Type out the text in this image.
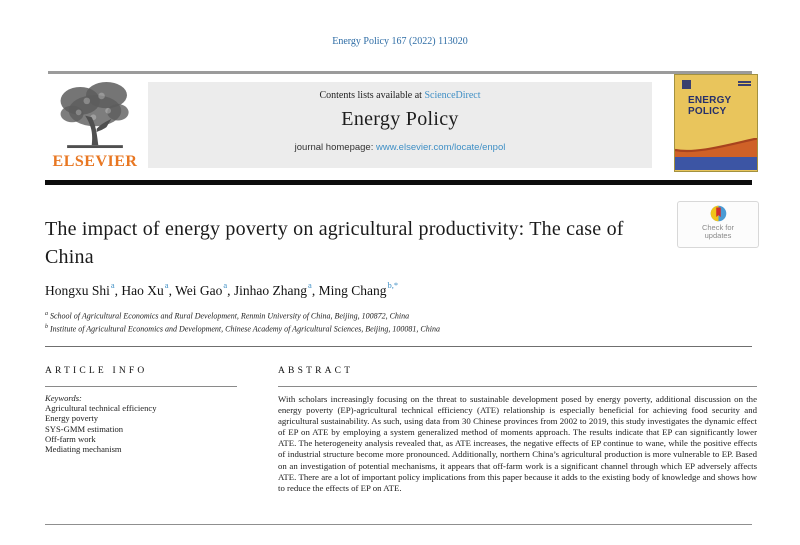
Energy Policy 167 (2022) 113020
ELSEVIER
Contents lists available at ScienceDirect
Energy Policy
journal homepage: www.elsevier.com/locate/enpol
ENERGY
POLICY
Check for
updates
The impact of energy poverty on agricultural productivity: The case of China
Hongxu Shi$^a$, Hao Xu$^a$, Wei Gao$^a$, Jinhao Zhang$^a$, Ming Chang$^{b,*}$
$^a$ School of Agricultural Economics and Rural Development, Renmin University of China, Beijing, 100872, China
$^b$ Institute of Agricultural Economics and Development, Chinese Academy of Agricultural Sciences, Beijing, 100081, China
ARTICLE INFO
Keywords:
Agricultural technical efficiency
Energy poverty
SYS-GMM estimation
Off-farm work
Mediating mechanism
ABSTRACT

With scholars increasingly focusing on the threat to sustainable development posed by energy poverty, additional discussion on the energy poverty (EP)-agricultural technical efficiency (ATE) relationship is especially beneficial for achieving food security and agricultural sustainability. As such, using data from 30 Chinese provinces from 2002 to 2019, this study investigates the dynamic effect of EP on ATE by employing a system generalized method of moments approach. The results indicate that EP can significantly lower ATE. The heterogeneity analysis revealed that, as ATE increases, the negative effects of EP continue to wane, while the positive effects of industrial structure become more pronounced. Additionally, northern China’s agricultural production is more vulnerable to EP. Based on an investigation of potential mechanisms, it appears that off-farm work is a significant channel through which EP adversely affects ATE. There are a lot of important policy implications from this paper because it adds to the existing body of knowledge and shows how to reduce the effects of EP on ATE.
